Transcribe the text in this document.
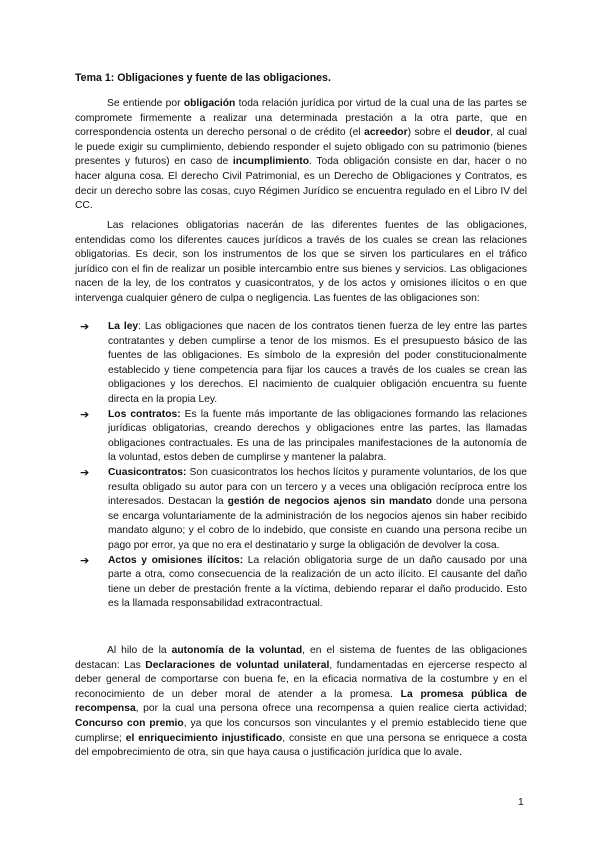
Tema 1: Obligaciones y fuente de las obligaciones.
Se entiende por obligación toda relación jurídica por virtud de la cual una de las partes se compromete firmemente a realizar una determinada prestación a la otra parte, que en correspondencia ostenta un derecho personal o de crédito (el acreedor) sobre el deudor, al cual le puede exigir su cumplimiento, debiendo responder el sujeto obligado con su patrimonio (bienes presentes y futuros) en caso de incumplimiento. Toda obligación consiste en dar, hacer o no hacer alguna cosa. El derecho Civil Patrimonial, es un Derecho de Obligaciones y Contratos, es decir un derecho sobre las cosas, cuyo Régimen Jurídico se encuentra regulado en el Libro IV del CC.
Las relaciones obligatorias nacerán de las diferentes fuentes de las obligaciones, entendidas como los diferentes cauces jurídicos a través de los cuales se crean las relaciones obligatorias. Es decir, son los instrumentos de los que se sirven los particulares en el tráfico jurídico con el fin de realizar un posible intercambio entre sus bienes y servicios. Las obligaciones nacen de la ley, de los contratos y cuasicontratos, y de los actos y omisiones ilícitos o en que intervenga cualquier género de culpa o negligencia. Las fuentes de las obligaciones son:
➔	La ley: Las obligaciones que nacen de los contratos tienen fuerza de ley entre las partes contratantes y deben cumplirse a tenor de los mismos. Es el presupuesto básico de las fuentes de las obligaciones. Es símbolo de la expresión del poder constitucionalmente establecido y tiene competencia para fijar los cauces a través de los cuales se crean las obligaciones y los derechos. El nacimiento de cualquier obligación encuentra su fuente directa en la propia Ley.
➔	Los contratos: Es la fuente más importante de las obligaciones formando las relaciones jurídicas obligatorias, creando derechos y obligaciones entre las partes, las llamadas obligaciones contractuales. Es una de las principales manifestaciones de la autonomía de la voluntad, estos deben de cumplirse y mantener la palabra.
➔	Cuasicontratos: Son cuasicontratos los hechos lícitos y puramente voluntarios, de los que resulta obligado su autor para con un tercero y a veces una obligación recíproca entre los interesados. Destacan la gestión de negocios ajenos sin mandato donde una persona se encarga voluntariamente de la administración de los negocios ajenos sin haber recibido mandato alguno; y el cobro de lo indebido, que consiste en cuando una persona recibe un pago por error, ya que no era el destinatario y surge la obligación de devolver la cosa.
➔	Actos y omisiones ilícitos: La relación obligatoria surge de un daño causado por una parte a otra, como consecuencia de la realización de un acto ilícito. El causante del daño tiene un deber de prestación frente a la víctima, debiendo reparar el daño producido. Esto es la llamada responsabilidad extracontractual.
Al hilo de la autonomía de la voluntad, en el sistema de fuentes de las obligaciones destacan: Las Declaraciones de voluntad unilateral, fundamentadas en ejercerse respecto al deber general de comportarse con buena fe, en la eficacia normativa de la costumbre y en el reconocimiento de un deber moral de atender a la promesa. La promesa pública de recompensa, por la cual una persona ofrece una recompensa a quien realice cierta actividad; Concurso con premio, ya que los concursos son vinculantes y el premio establecido tiene que cumplirse; el enriquecimiento injustificado, consiste en que una persona se enriquece a costa del empobrecimiento de otra, sin que haya causa o justificación jurídica que lo avale.
1
